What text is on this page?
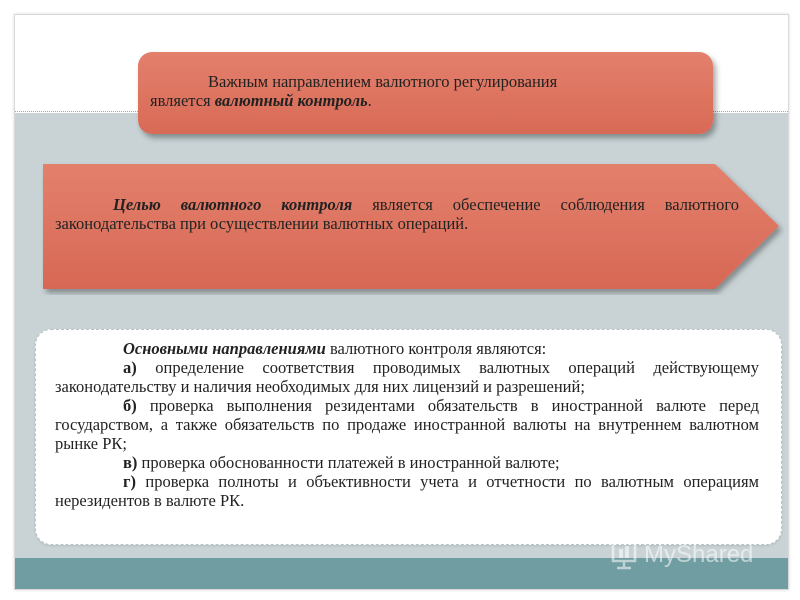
Важным направлением валютного регулирования
является валютный контроль.
Целью валютного контроля является обеспечение соблюдения валютного законодательства при осуществлении валютных операций.

Основными направлениями валютного контроля являются:

а) определение соответствия проводимых валютных операций действующему законодательству и наличия необходимых для них лицензий и разрешений;

б) проверка выполнения резидентами обязательств в иностранной валюте перед государством, а также обязательств по продаже иностранной валюты на внутреннем валютном рынке РК;

в) проверка обоснованности платежей в иностранной валюте;

г) проверка полноты и объективности учета и отчетности по валютным операциям нерезидентов в валюте РК.

MyShared
